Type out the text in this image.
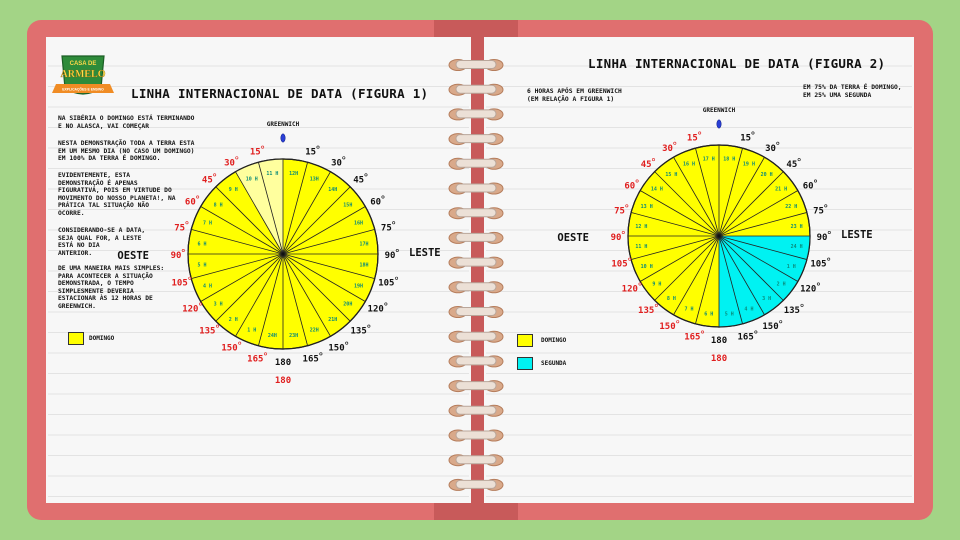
CASA DE
ARMELO
EXPLICAÇÕES E ENSINO
12H
13H
14H
15H
16H
17H
18H
19H
20H
21H
22H
23H
24H
1 H
2 H
3 H
4 H
5 H
6 H
7 H
8 H
9 H
10 H
11 H
15
30
45
60
75
90
105
120
135
150
165
15
30
45
60
75
90
105
120
135
150
165 180
180
GREENWICH
OESTE	LESTE
18 H
19 H
20 H
21 H
22 H
23 H
24 H
1 H
2 H
3 H
4 H
5 H
6 H
7 H
8 H
9 H
10 H
11 H
12 H
13 H
14 H
15 H
16 H
17 H
15
30
45
60
75
90
105
120
135
150
165
15
30
45
60
75
90
105
120
135
150
165 180
180
GREENWICH
OESTE	LESTE
LINHA INTERNACIONAL DE DATA (FIGURA 1)
NA SIBÉRIA O DOMINGO ESTÁ TERMINANDO
E NO ALASCA, VAI COMEÇAR
NESTA DEMONSTRAÇÃO TODA A TERRA ESTA
EM UM MESMO DIA (NO CASO UM DOMINGO)
EM 100% DA TERRA É DOMINGO.
EVIDENTEMENTE, ESTA
DEMONSTRAÇÃO É APENAS
FIGURATIVA, POIS EM VIRTUDE DO
MOVIMENTO DO NOSSO PLANETA!, NA
PRÁTICA TAL SITUAÇÃO NÃO
OCORRE.
CONSIDERANDO-SE A DATA,
SEJA QUAL FOR, A LESTE
ESTÁ NO DIA
ANTERIOR.
DE UMA MANEIRA MAIS SIMPLES:
PARA ACONTECER A SITUAÇÃO
DEMONSTRADA, O TEMPO
SIMPLESMENTE DEVERIA
ESTACIONAR ÀS 12 HORAS DE
GREENWICH.
DOMINGO
LINHA INTERNACIONAL DE DATA (FIGURA 2)
6 HORAS APÓS EM GREENWICH
(EM RELAÇÃO A FIGURA 1)
EM 75% DA TERRA É DOMINGO,
EM 25% UMA SEGUNDA
DOMINGO
SEGUNDA
